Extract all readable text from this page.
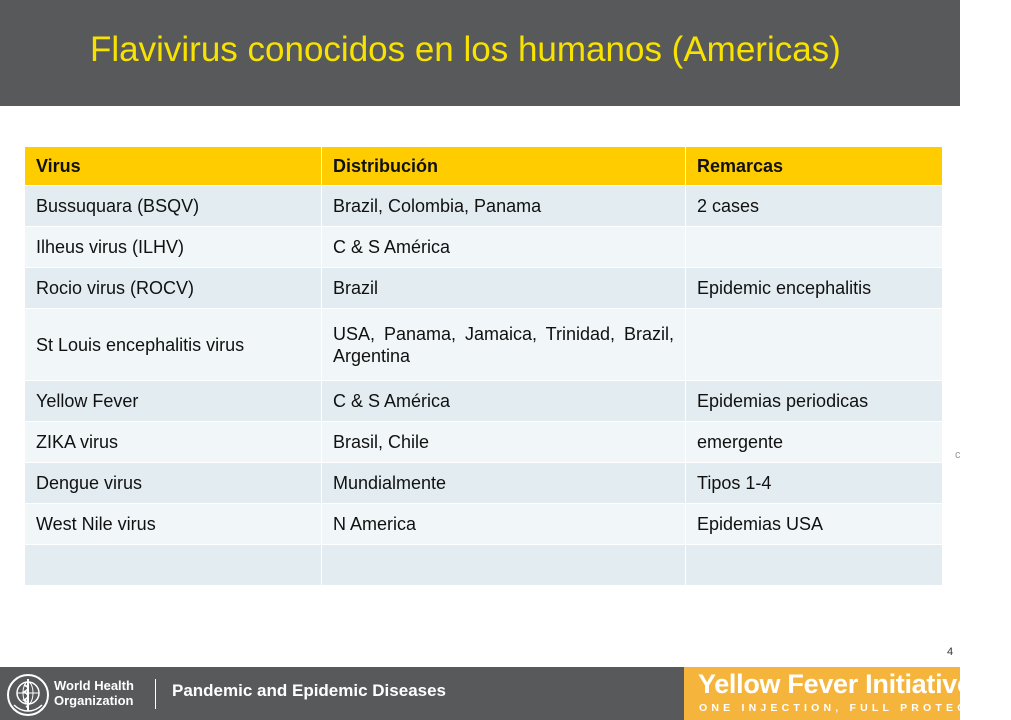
Flavivirus conocidos en los humanos (Americas)
Virus	Distribución	Remarcas
Bussuquara (BSQV)	Brazil, Colombia, Panama	2 cases
Ilheus virus (ILHV)	C & S América	
Rocio virus (ROCV)	Brazil	Epidemic encephalitis
St Louis encephalitis virus	USA, Panama, Jamaica, Trinidad, Brazil, Argentina	
Yellow Fever	C & S América	Epidemias periodicas
ZIKA virus	Brasil, Chile	emergente
Dengue virus	Mundialmente	Tipos 1-4
West Nile virus	N America	Epidemias USA

c
4
World Health
Organization
Pandemic and Epidemic Diseases	Yellow Fever Initiative
ONE INJECTION, FULL PROTECTION
